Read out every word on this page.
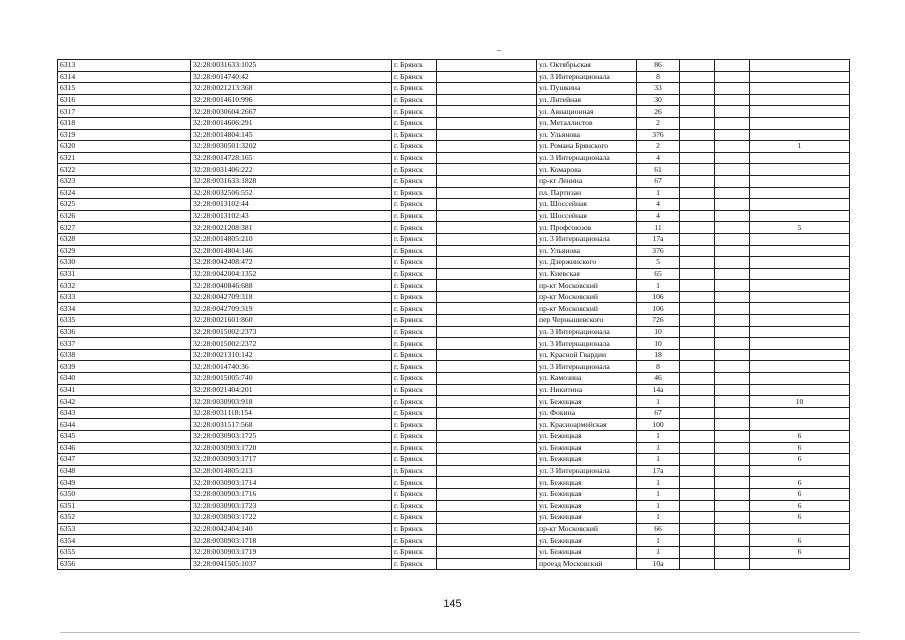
6313	32:28:0031633:1025	г. Брянск		ул. Октябрьская	86			
6314	32:28:0014740:42	г. Брянск		ул. 3 Интернационала	8			
6315	32:28:0021213:368	г. Брянск		ул. Пушкина	33			
6316	32:28:0014610:996	г. Брянск		ул. Литейная	30			
6317	32:28:0030604:2667	г. Брянск		ул. Авиационная	26			
6318	32:28:0014606:291	г. Брянск		ул. Металлистов	2			
6319	32:28:0014804:145	г. Брянск		ул. Ульянова	376			
6320	32:28:0030501:3202	г. Брянск		ул. Романа Брянского	2			1
6321	32:28:0014728:165	г. Брянск		ул. 3 Интернационала	4			
6322	32:28:0031406:222	г. Брянск		ул. Комарова	61			
6323	32:28:0031633:1828	г. Брянск		пр-кт Ленина	67			
6324	32:28:0032506:552	г. Брянск		пл. Партизан	1			
6325	32:28:0013102:44	г. Брянск		ул. Шоссейная	4			
6326	32:28:0013102:43	г. Брянск		ул. Шоссейная	4			
6327	32:28:0021208:381	г. Брянск		ул. Профсоюзов	11			5
6328	32:28:0014805:210	г. Брянск		ул. 3 Интернационала	17а			
6329	32:28:0014804:146	г. Брянск		ул. Ульянова	376			
6330	32:28:0042408:472	г. Брянск		ул. Дзержинского	5			
6331	32:28:0042004:1352	г. Брянск		ул. Киевская	65			
6332	32:28:0040846:688	г. Брянск		пр-кт Московский	1			
6333	32:28:0042709:318	г. Брянск		пр-кт Московский	106			
6334	32:28:0042709:319	г. Брянск		пр-кт Московский	106			
6335	32:28:0021601:860	г. Брянск		пер Чернышевского	726			
6336	32:28:0015002:2373	г. Брянск		ул. 3 Интернационала	10			
6337	32:28:0015002:2372	г. Брянск		ул. 3 Интернационала	10			
6338	32:28:0021310:142	г. Брянск		ул. Красной Гвардии	18			
6339	32:28:0014740:36	г. Брянск		ул. 3 Интернационала	8			
6340	32:28:0015005:740	г. Брянск		ул. Камозина	46			
6341	32:28:0021404:201	г. Брянск		ул. Никитина	14а			
6342	32:28:0030903:918	г. Брянск		ул. Бежицкая	1			10
6343	32:28:0031118:154	г. Брянск		ул. Фокина	67			
6344	32:28:0031517:568	г. Брянск		ул. Красноармейская	100			
6345	32:28:0030903:1725	г. Брянск		ул. Бежицкая	1			6
6346	32:28:0030903:1720	г. Брянск		ул. Бежицкая	1			6
6347	32:28:0030903:1717	г. Брянск		ул. Бежицкая	1			6
6348	32:28:0014805:213	г. Брянск		ул. 3 Интернационала	17а			
6349	32:28:0030903:1714	г. Брянск		ул. Бежицкая	1			6
6350	32:28:0030903:1716	г. Брянск		ул. Бежицкая	1			6
6351	32:28:0030903:1723	г. Брянск		ул. Бежицкая	1			6
6352	32:28:0030903:1722	г. Брянск		ул. Бежицкая	1			6
6353	32:28:0042404:140	г. Брянск		пр-кт Московский	66			
6354	32:28:0030903:1718	г. Брянск		ул. Бежицкая	1			6
6355	32:28:0030903:1719	г. Брянск		ул. Бежицкая	1			6
6356	32:28:0041505:1037	г. Брянск		проезд Московский	10а			
145
